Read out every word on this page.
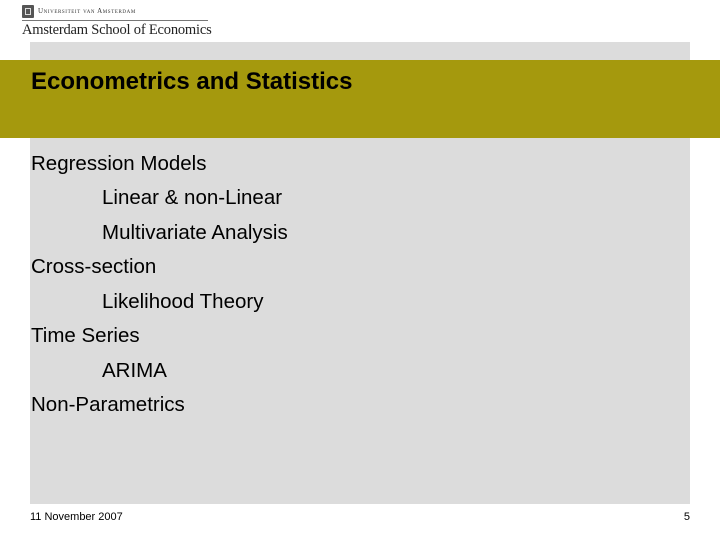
Universiteit van Amsterdam
Amsterdam School of Economics
Econometrics and Statistics
Regression Models
Linear & non-Linear
Multivariate Analysis
Cross-section
Likelihood Theory
Time Series
ARIMA
Non-Parametrics
11 November 2007	5
